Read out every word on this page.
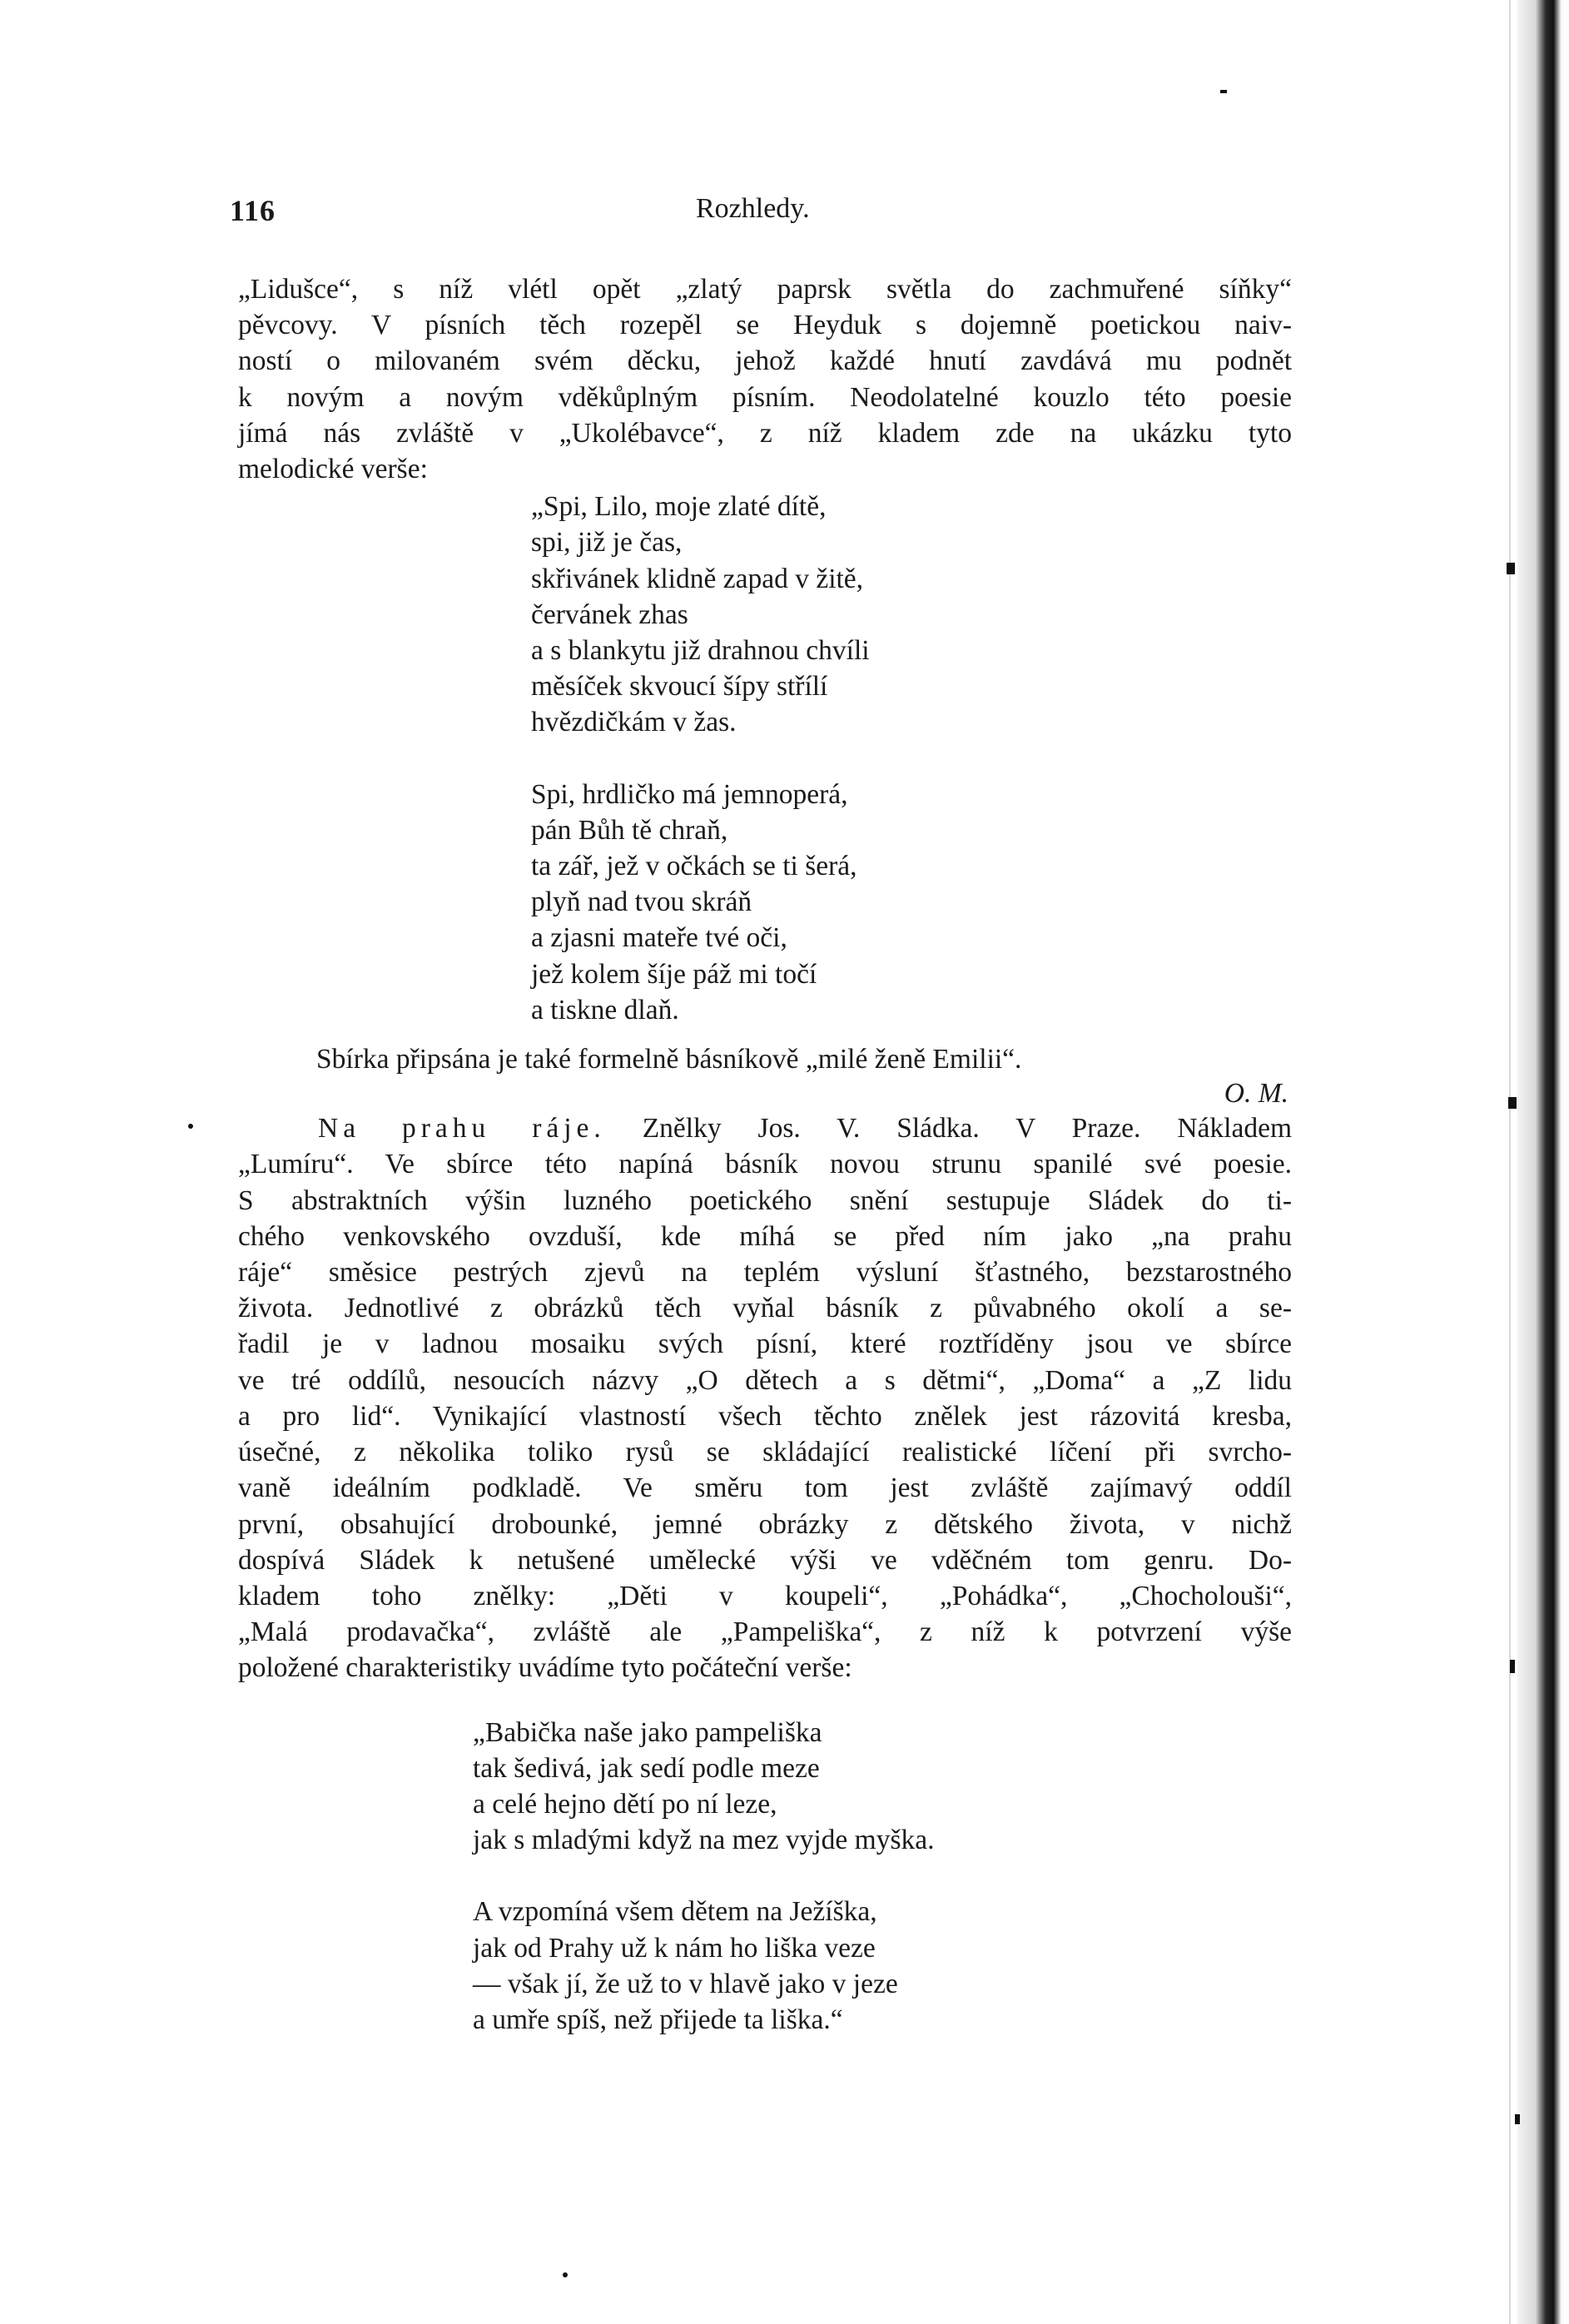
116	Rozhledy.
„Lidušce“, s níž vlétl opět „zlatý paprsk světla do zachmuřené síňky“
pěvcovy. V písních těch rozepěl se Heyduk s dojemně poetickou naiv-
ností o milovaném svém děcku, jehož každé hnutí zavdává mu podnět
k novým a novým vděkůplným písním. Neodolatelné kouzlo této poesie
jímá nás zvláště v „Ukolébavce“, z níž kladem zde na ukázku tyto
melodické verše:
„Spi, Lilo, moje zlaté dítě,
spi, již je čas,
skřivánek klidně zapad v žitě,
červánek zhas
a s blankytu již drahnou chvíli
měsíček skvoucí šípy střílí
hvězdičkám v žas.
Spi, hrdličko má jemnoperá,
pán Bůh tě chraň,
ta zář, jež v očkách se ti šerá,
plyň nad tvou skráň
a zjasni mateře tvé oči,
jež kolem šíje páž mi točí
a tiskne dlaň.
Sbírka připsána je také formelně básníkově „milé ženě Emilii“.
O. M.
Na prahu ráje. Znělky Jos. V. Sládka. V Praze. Nákladem
„Lumíru“. Ve sbírce této napíná básník novou strunu spanilé své poesie.
S abstraktních výšin luzného poetického snění sestupuje Sládek do ti-
chého venkovského ovzduší, kde míhá se před ním jako „na prahu
ráje“ směsice pestrých zjevů na teplém výsluní šťastného, bezstarostného
života. Jednotlivé z obrázků těch vyňal básník z půvabného okolí a se-
řadil je v ladnou mosaiku svých písní, které roztříděny jsou ve sbírce
ve tré oddílů, nesoucích názvy „O dětech a s dětmi“, „Doma“ a „Z lidu
a pro lid“. Vynikající vlastností všech těchto znělek jest rázovitá kresba,
úsečné, z několika toliko rysů se skládající realistické líčení při svrcho-
vaně ideálním podkladě. Ve směru tom jest zvláště zajímavý oddíl
první, obsahující drobounké, jemné obrázky z dětského života, v nichž
dospívá Sládek k netušené umělecké výši ve vděčném tom genru. Do-
kladem toho znělky: „Děti v koupeli“, „Pohádka“, „Chocholouši“,
„Malá prodavačka“, zvláště ale „Pampeliška“, z níž k potvrzení výše
položené charakteristiky uvádíme tyto počáteční verše:
„Babička naše jako pampeliška
tak šedivá, jak sedí podle meze
a celé hejno dětí po ní leze,
jak s mladými když na mez vyjde myška.
A vzpomíná všem dětem na Ježíška,
jak od Prahy už k nám ho liška veze
— však jí, že už to v hlavě jako v jeze
a umře spíš, než přijede ta liška.“
